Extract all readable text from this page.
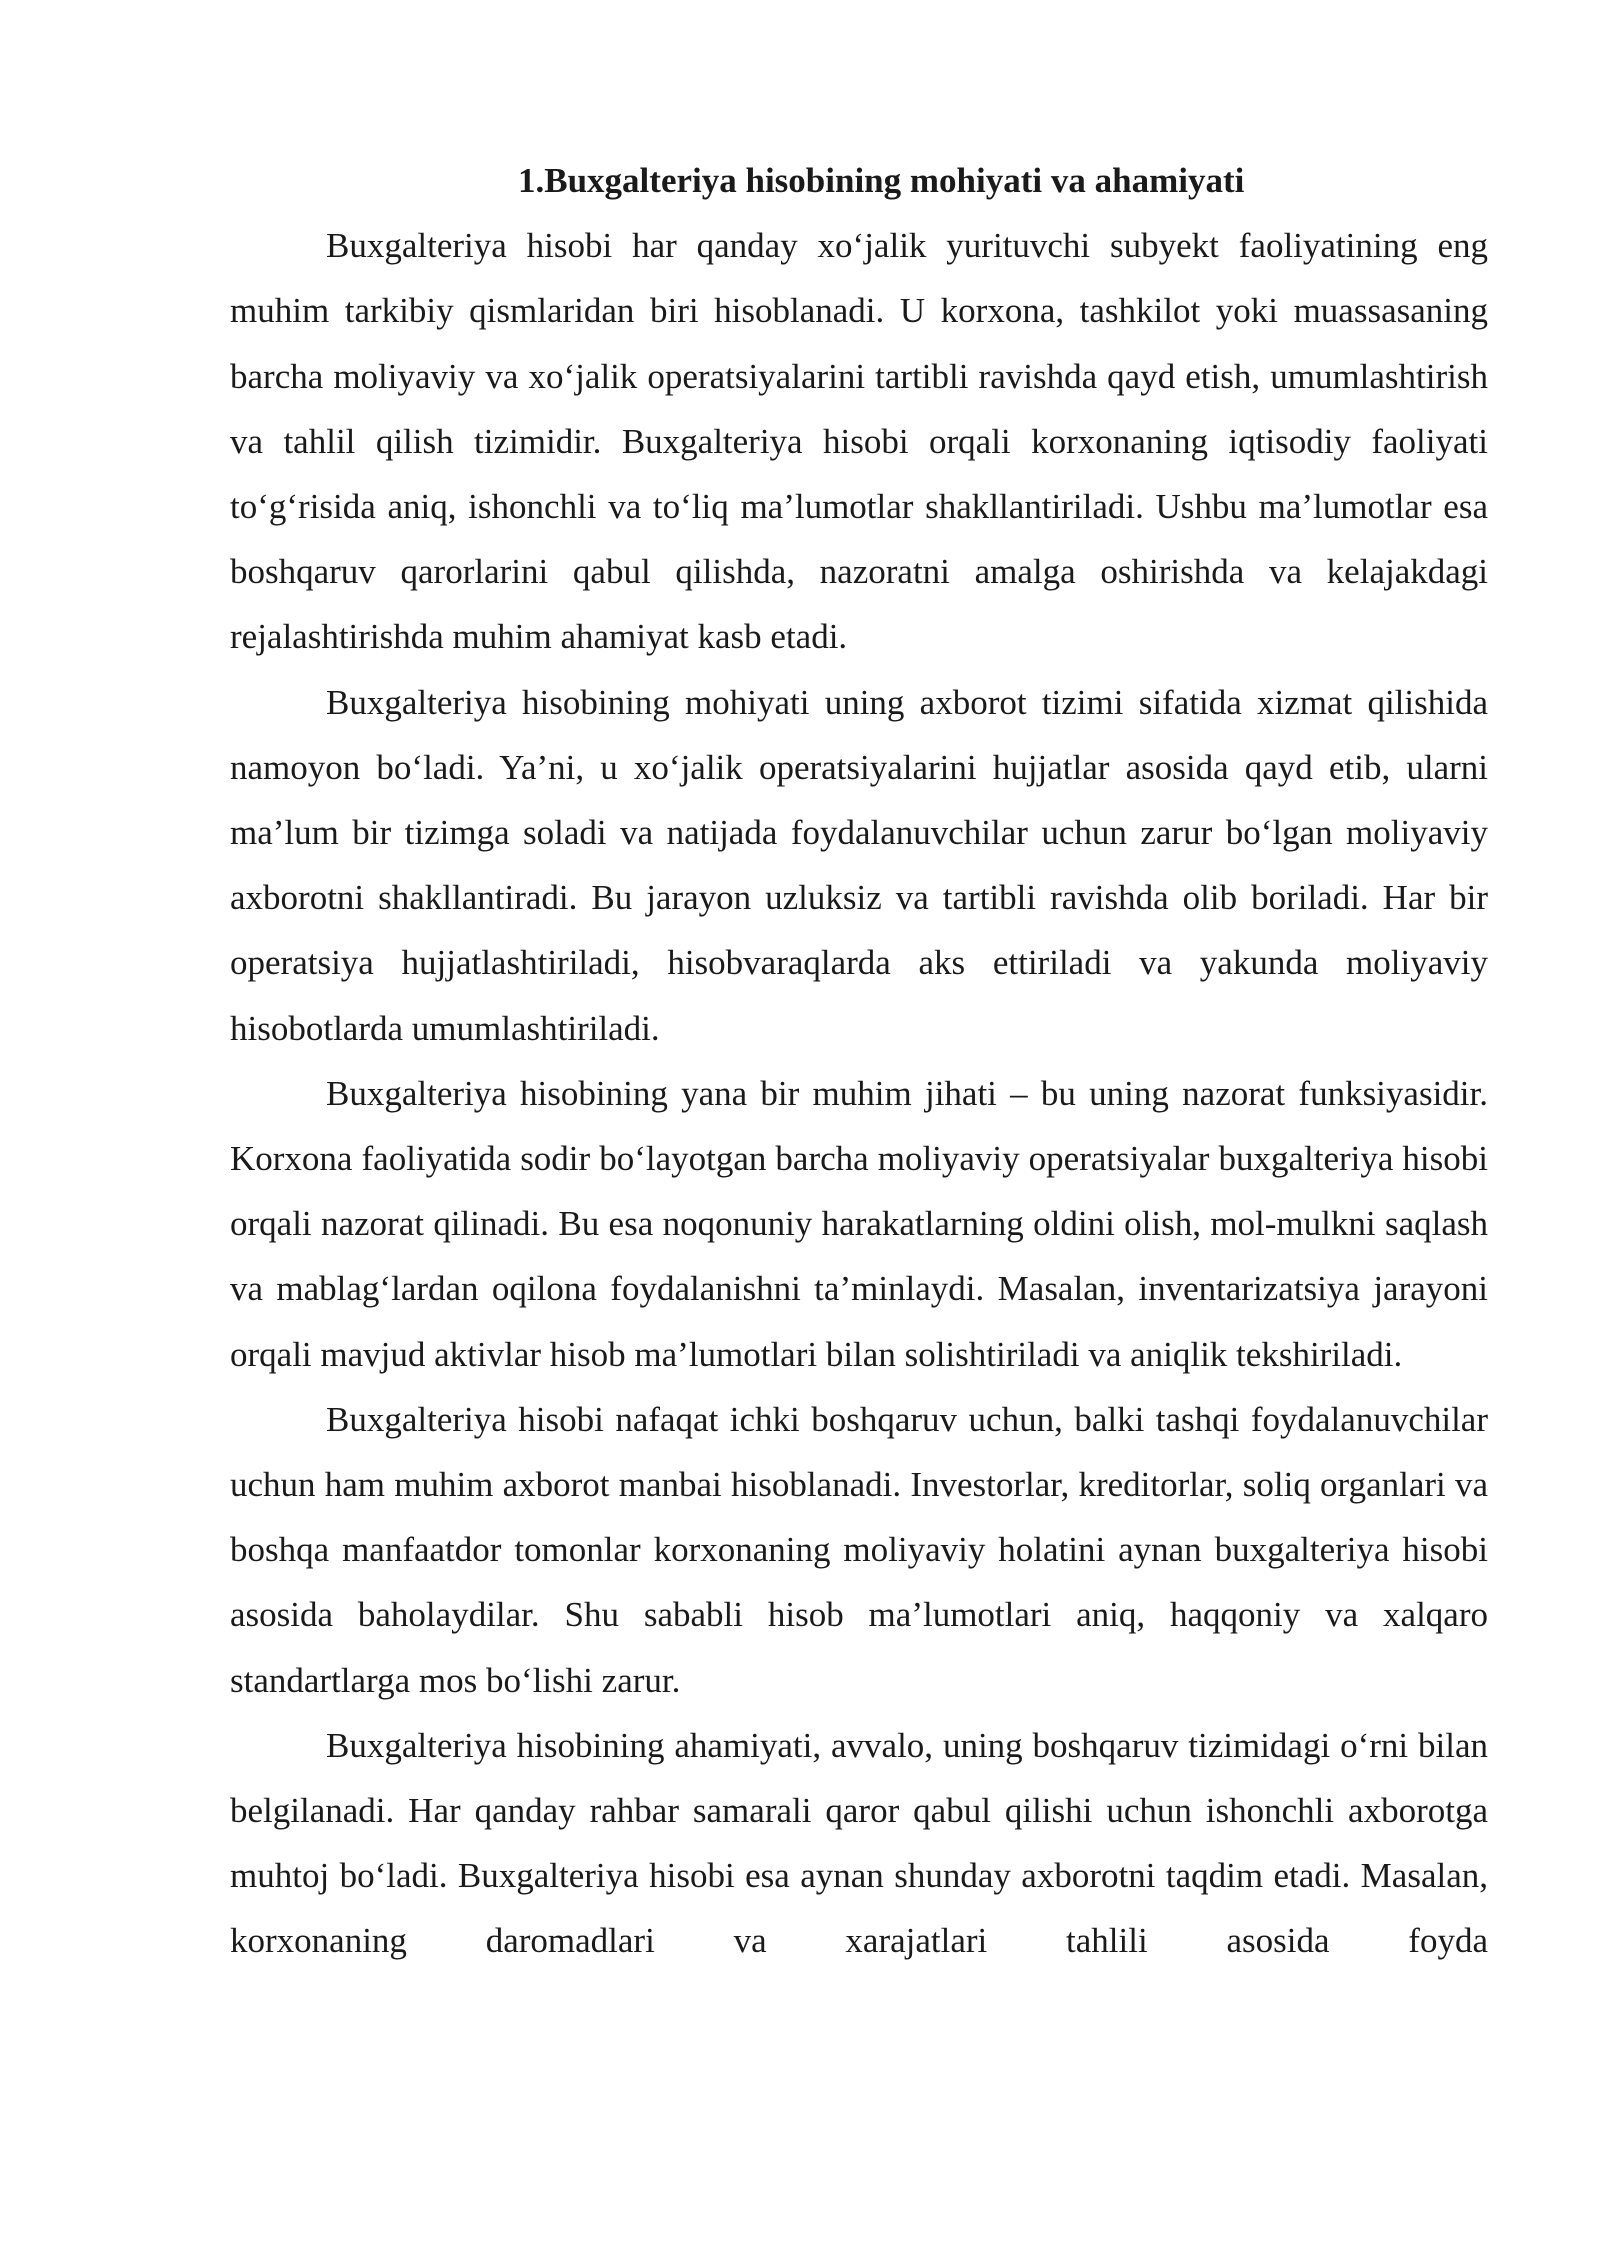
1.Buxgalteriya hisobining mohiyati va ahamiyati

Buxgalteriya hisobi har qanday xo‘jalik yurituvchi subyekt faoliyatining eng muhim tarkibiy qismlaridan biri hisoblanadi. U korxona, tashkilot yoki muassasaning barcha moliyaviy va xo‘jalik operatsiyalarini tartibli ravishda qayd etish, umumlashtirish va tahlil qilish tizimidir. Buxgalteriya hisobi orqali korxonaning iqtisodiy faoliyati to‘g‘risida aniq, ishonchli va to‘liq ma’lumotlar shakllantiriladi. Ushbu ma’lumotlar esa boshqaruv qarorlarini qabul qilishda, nazoratni amalga oshirishda va kelajakdagi rejalashtirishda muhim ahamiyat kasb etadi.

Buxgalteriya hisobining mohiyati uning axborot tizimi sifatida xizmat qilishida namoyon bo‘ladi. Ya’ni, u xo‘jalik operatsiyalarini hujjatlar asosida qayd etib, ularni ma’lum bir tizimga soladi va natijada foydalanuvchilar uchun zarur bo‘lgan moliyaviy axborotni shakllantiradi. Bu jarayon uzluksiz va tartibli ravishda olib boriladi. Har bir operatsiya hujjatlashtiriladi, hisobvaraqlarda aks ettiriladi va yakunda moliyaviy hisobotlarda umumlashtiriladi.

Buxgalteriya hisobining yana bir muhim jihati – bu uning nazorat funksiyasidir. Korxona faoliyatida sodir bo‘layotgan barcha moliyaviy operatsiyalar buxgalteriya hisobi orqali nazorat qilinadi. Bu esa noqonuniy harakatlarning oldini olish, mol-mulkni saqlash va mablag‘lardan oqilona foydalanishni ta’minlaydi. Masalan, inventarizatsiya jarayoni orqali mavjud aktivlar hisob ma’lumotlari bilan solishtiriladi va aniqlik tekshiriladi.

Buxgalteriya hisobi nafaqat ichki boshqaruv uchun, balki tashqi foydalanuvchilar uchun ham muhim axborot manbai hisoblanadi. Investorlar, kreditorlar, soliq organlari va boshqa manfaatdor tomonlar korxonaning moliyaviy holatini aynan buxgalteriya hisobi asosida baholaydilar. Shu sababli hisob ma’lumotlari aniq, haqqoniy va xalqaro standartlarga mos bo‘lishi zarur.

Buxgalteriya hisobining ahamiyati, avvalo, uning boshqaruv tizimidagi o‘rni bilan belgilanadi. Har qanday rahbar samarali qaror qabul qilishi uchun ishonchli axborotga muhtoj bo‘ladi. Buxgalteriya hisobi esa aynan shunday axborotni taqdim etadi. Masalan, korxonaning daromadlari va xarajatlari tahlili asosida foyda
